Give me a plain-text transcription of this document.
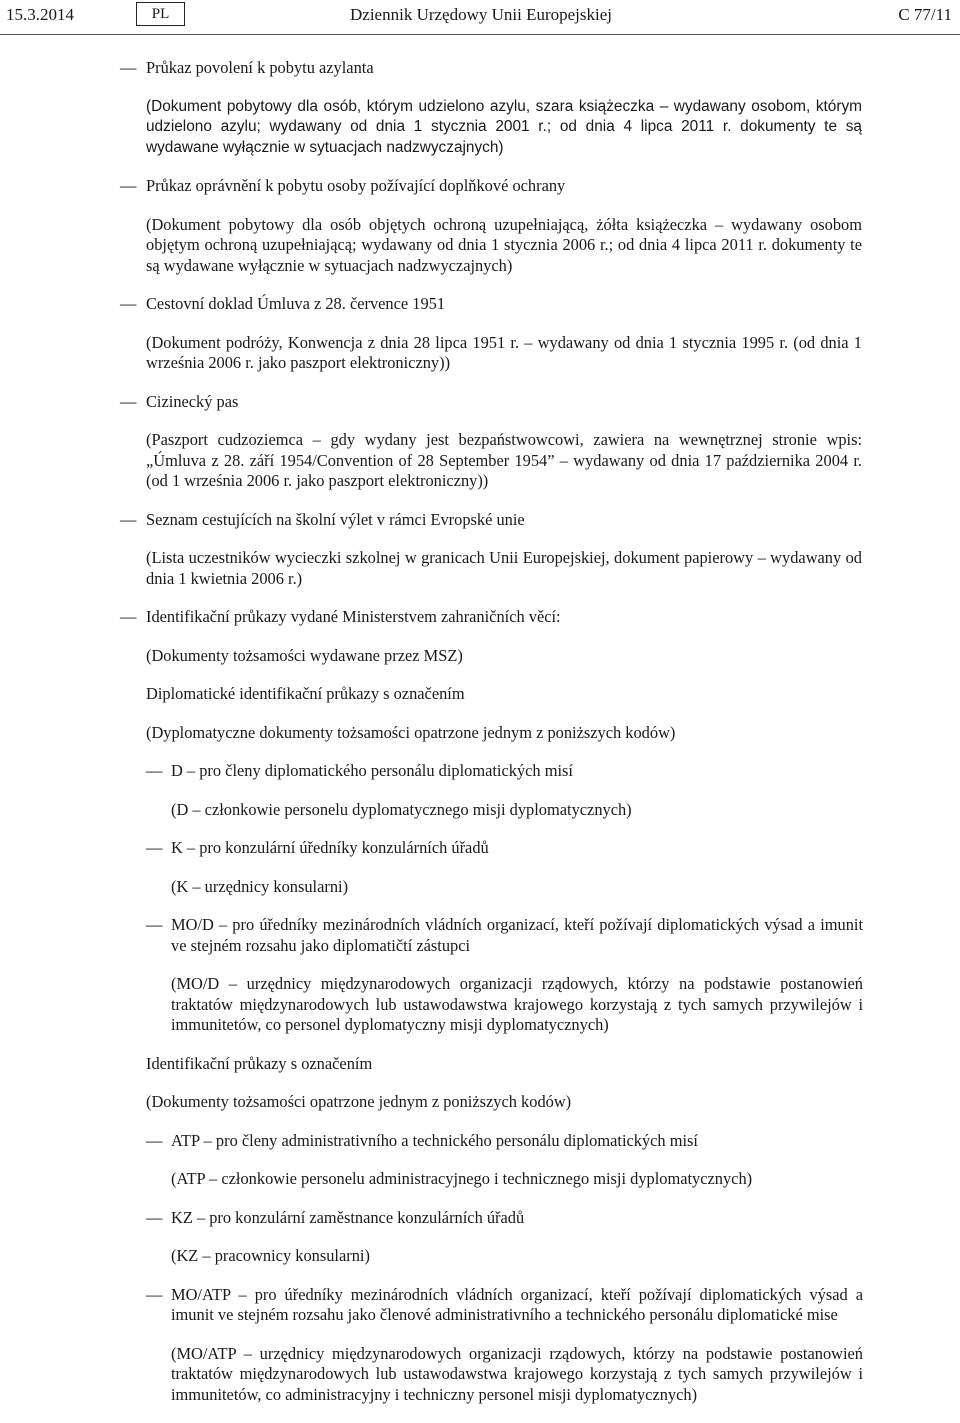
15.3.2014	PL	Dziennik Urzędowy Unii Europejskiej	C 77/11
— Průkaz povolení k pobytu azylanta
(Dokument pobytowy dla osób, którym udzielono azylu, szara książeczka – wydawany osobom, którym udzielono azylu; wydawany od dnia 1 stycznia 2001 r.; od dnia 4 lipca 2011 r. dokumenty te są wydawane wyłącznie w sytuacjach nadzwyczajnych)
— Průkaz oprávnění k pobytu osoby požívající doplňkové ochrany
(Dokument pobytowy dla osób objętych ochroną uzupełniającą, żółta książeczka – wydawany osobom objętym ochroną uzupełniającą; wydawany od dnia 1 stycznia 2006 r.; od dnia 4 lipca 2011 r. dokumenty te są wydawane wyłącznie w sytuacjach nadzwyczajnych)
— Cestovní doklad Úmluva z 28. července 1951
(Dokument podróży, Konwencja z dnia 28 lipca 1951 r. – wydawany od dnia 1 stycznia 1995 r. (od dnia 1 września 2006 r. jako paszport elektroniczny))
— Cizinecký pas
(Paszport cudzoziemca – gdy wydany jest bezpaństwowcowi, zawiera na wewnętrznej stronie wpis: „Úmluva z 28. září 1954/Convention of 28 September 1954” – wydawany od dnia 17 października 2004 r. (od 1 września 2006 r. jako paszport elektroniczny))
— Seznam cestujících na školní výlet v rámci Evropské unie
(Lista uczestników wycieczki szkolnej w granicach Unii Europejskiej, dokument papierowy – wydawany od dnia 1 kwietnia 2006 r.)
— Identifikační průkazy vydané Ministerstvem zahraničních věcí:
(Dokumenty tożsamości wydawane przez MSZ)
Diplomatické identifikační průkazy s označením
(Dyplomatyczne dokumenty tożsamości opatrzone jednym z poniższych kodów)
— D – pro členy diplomatického personálu diplomatických misí
(D – członkowie personelu dyplomatycznego misji dyplomatycznych)
— K – pro konzulární úředníky konzulárních úřadů
(K – urzędnicy konsularni)
— MO/D – pro úředníky mezinárodních vládních organizací, kteří požívají diplomatických výsad a imunit ve stejném rozsahu jako diplomatičtí zástupci
(MO/D – urzędnicy międzynarodowych organizacji rządowych, którzy na podstawie postanowień traktatów międzynarodowych lub ustawodawstwa krajowego korzystają z tych samych przywilejów i immunitetów, co personel dyplomatyczny misji dyplomatycznych)
Identifikační průkazy s označením
(Dokumenty tożsamości opatrzone jednym z poniższych kodów)
— ATP – pro členy administrativního a technického personálu diplomatických misí
(ATP – członkowie personelu administracyjnego i technicznego misji dyplomatycznych)
— KZ – pro konzulární zaměstnance konzulárních úřadů
(KZ – pracownicy konsularni)
— MO/ATP – pro úředníky mezinárodních vládních organizací, kteří požívají diplomatických výsad a imunit ve stejném rozsahu jako členové administrativního a technického personálu diplomatické mise
(MO/ATP – urzędnicy międzynarodowych organizacji rządowych, którzy na podstawie postanowień traktatów międzynarodowych lub ustawodawstwa krajowego korzystają z tych samych przywilejów i immunitetów, co administracyjny i techniczny personel misji dyplomatycznych)
